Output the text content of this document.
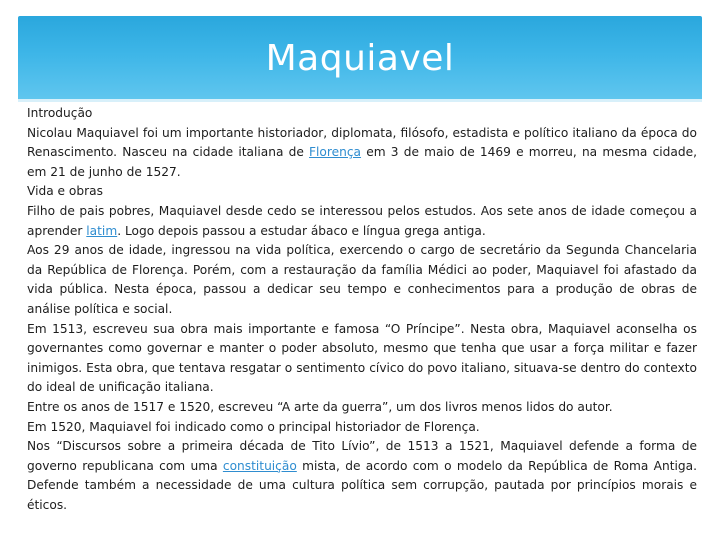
Maquiavel

Introdução

Nicolau Maquiavel foi um importante historiador, diplomata, filósofo, estadista e político italiano da época do Renascimento. Nasceu na cidade italiana de Florença em 3 de maio de 1469 e morreu, na mesma cidade, em 21 de junho de 1527.

Vida e obras

Filho de pais pobres, Maquiavel desde cedo se interessou pelos estudos. Aos sete anos de idade começou a aprender latim. Logo depois passou a estudar ábaco e língua grega antiga.

Aos 29 anos de idade, ingressou na vida política, exercendo o cargo de secretário da Segunda Chancelaria da República de Florença. Porém, com a restauração da família Médici ao poder, Maquiavel foi afastado da vida pública. Nesta época, passou a dedicar seu tempo e conhecimentos para a produção de obras de análise política e social.

Em 1513, escreveu sua obra mais importante e famosa “O Príncipe”. Nesta obra, Maquiavel aconselha os governantes como governar e manter o poder absoluto, mesmo que tenha que usar a força militar e fazer inimigos. Esta obra, que tentava resgatar o sentimento cívico do povo italiano, situava-se dentro do contexto do ideal de unificação italiana.

Entre os anos de 1517 e 1520, escreveu “A arte da guerra”, um dos livros menos lidos do autor.

Em 1520, Maquiavel foi indicado como o principal historiador de Florença.

Nos “Discursos sobre a primeira década de Tito Lívio”, de 1513 a 1521, Maquiavel defende a forma de governo republicana com uma constituição mista, de acordo com o modelo da República de Roma Antiga. Defende também a necessidade de uma cultura política sem corrupção, pautada por princípios morais e éticos.
